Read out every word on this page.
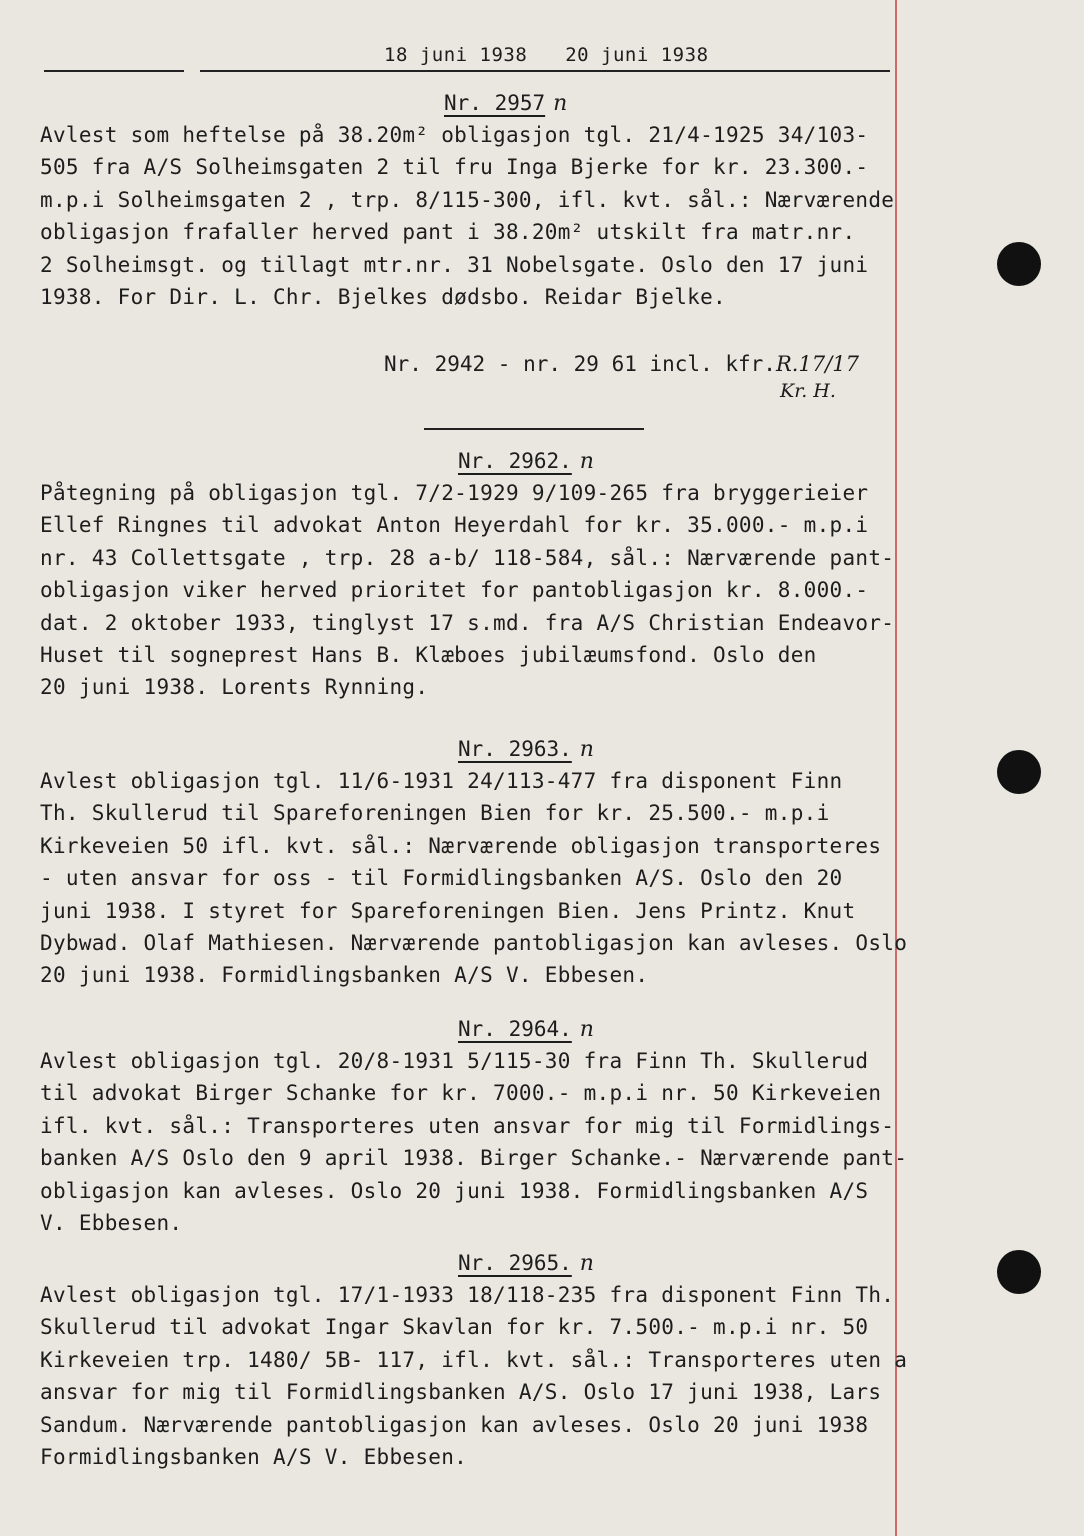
18 juni 1938 20 juni 1938
Nr. 2957 n
Avlest som heftelse på 38.20m² obligasjon tgl. 21/4-1925 34/103-
505 fra A/S Solheimsgaten 2 til fru Inga Bjerke for kr. 23.300.-
m.p.i Solheimsgaten 2 , trp. 8/115-300, ifl. kvt. sål.: Nærværende
obligasjon frafaller herved pant i 38.20m² utskilt fra matr.nr.
2 Solheimsgt. og tillagt mtr.nr. 31 Nobelsgate. Oslo den 17 juni
1938. For Dir. L. Chr. Bjelkes dødsbo. Reidar Bjelke.
Nr. 2942 - nr. 29 61 incl. kfr.R.17/17
Kr. H.
Nr. 2962. n
Påtegning på obligasjon tgl. 7/2-1929 9/109-265 fra bryggerieier
Ellef Ringnes til advokat Anton Heyerdahl for kr. 35.000.- m.p.i
nr. 43 Collettsgate , trp. 28 a-b/ 118-584, sål.: Nærværende pant-
obligasjon viker herved prioritet for pantobligasjon kr. 8.000.-
dat. 2 oktober 1933, tinglyst 17 s.md. fra A/S Christian Endeavor-
Huset til sogneprest Hans B. Klæboes jubilæumsfond. Oslo den
20 juni 1938. Lorents Rynning.
Nr. 2963. n
Avlest obligasjon tgl. 11/6-1931 24/113-477 fra disponent Finn
Th. Skullerud til Spareforeningen Bien for kr. 25.500.- m.p.i
Kirkeveien 50 ifl. kvt. sål.: Nærværende obligasjon transporteres
- uten ansvar for oss - til Formidlingsbanken A/S. Oslo den 20
juni 1938. I styret for Spareforeningen Bien. Jens Printz. Knut
Dybwad. Olaf Mathiesen. Nærværende pantobligasjon kan avleses. Oslo
20 juni 1938. Formidlingsbanken A/S V. Ebbesen.
Nr. 2964. n
Avlest obligasjon tgl. 20/8-1931 5/115-30 fra Finn Th. Skullerud
til advokat Birger Schanke for kr. 7000.- m.p.i nr. 50 Kirkeveien
ifl. kvt. sål.: Transporteres uten ansvar for mig til Formidlings-
banken A/S Oslo den 9 april 1938. Birger Schanke.- Nærværende pant-
obligasjon kan avleses. Oslo 20 juni 1938. Formidlingsbanken A/S
V. Ebbesen.
Nr. 2965. n
Avlest obligasjon tgl. 17/1-1933 18/118-235 fra disponent Finn Th.
Skullerud til advokat Ingar Skavlan for kr. 7.500.- m.p.i nr. 50
Kirkeveien trp. 1480/ 5B- 117, ifl. kvt. sål.: Transporteres uten a
ansvar for mig til Formidlingsbanken A/S. Oslo 17 juni 1938, Lars
Sandum. Nærværende pantobligasjon kan avleses. Oslo 20 juni 1938
Formidlingsbanken A/S V. Ebbesen.
